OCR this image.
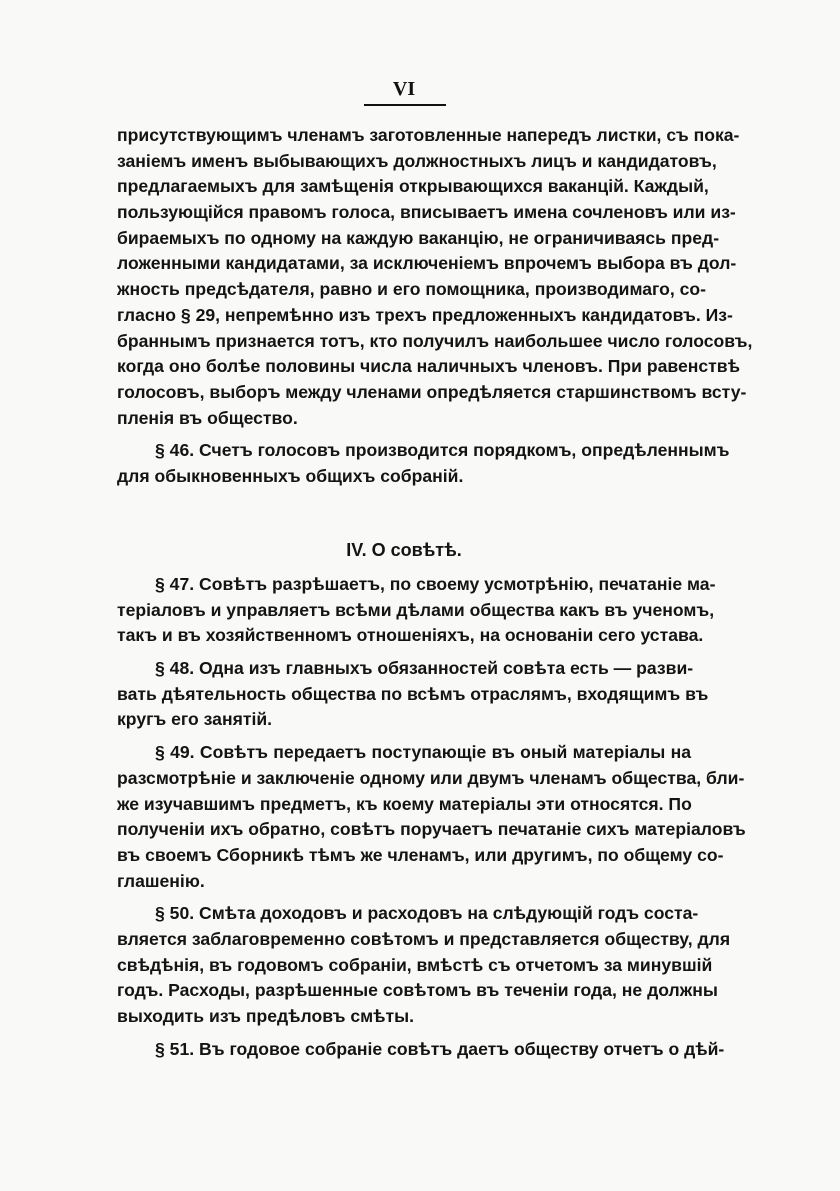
VI
присутствующимъ членамъ заготовленные напередъ листки, съ пока-
заніемъ именъ выбывающихъ должностныхъ лицъ и кандидатовъ,
предлагаемыхъ для замѣщенія открывающихся ваканцій. Каждый,
пользующійся правомъ голоса, вписываетъ имена сочленовъ или из-
бираемыхъ по одному на каждую ваканцію, не ограничиваясь пред-
ложенными кандидатами, за исключеніемъ впрочемъ выбора въ дол-
жность предсѣдателя, равно и его помощника, производимаго, со-
гласно § 29, непремѣнно изъ трехъ предложенныхъ кандидатовъ. Из-
браннымъ признается тотъ, кто получилъ наибольшее число голосовъ,
когда оно болѣе половины числа наличныхъ членовъ. При равенствѣ
голосовъ, выборъ между членами опредѣляется старшинствомъ всту-
пленія въ общество.
§ 46. Счетъ голосовъ производится порядкомъ, опредѣленнымъ
для обыкновенныхъ общихъ собраній.
IV. О совѣтѣ.
§ 47. Совѣтъ разрѣшаетъ, по своему усмотрѣнію, печатаніе ма-
теріаловъ и управляетъ всѣми дѣлами общества какъ въ ученомъ,
такъ и въ хозяйственномъ отношеніяхъ, на основаніи сего устава.
§ 48. Одна изъ главныхъ обязанностей совѣта есть — разви-
вать дѣятельность общества по всѣмъ отраслямъ, входящимъ въ
кругъ его занятій.
§ 49. Совѣтъ передаетъ поступающіе въ оный матеріалы на
разсмотрѣніе и заключеніе одному или двумъ членамъ общества, бли-
же изучавшимъ предметъ, къ коему матеріалы эти относятся. По
полученіи ихъ обратно, совѣтъ поручаетъ печатаніе сихъ матеріаловъ
въ своемъ Сборникѣ тѣмъ же членамъ, или другимъ, по общему со-
глашенію.
§ 50. Смѣта доходовъ и расходовъ на слѣдующій годъ соста-
вляется заблаговременно совѣтомъ и представляется обществу, для
свѣдѣнія, въ годовомъ собраніи, вмѣстѣ съ отчетомъ за минувшій
годъ. Расходы, разрѣшенные совѣтомъ въ теченіи года, не должны
выходить изъ предѣловъ смѣты.
§ 51. Въ годовое собраніе совѣтъ даетъ обществу отчетъ о дѣй-
